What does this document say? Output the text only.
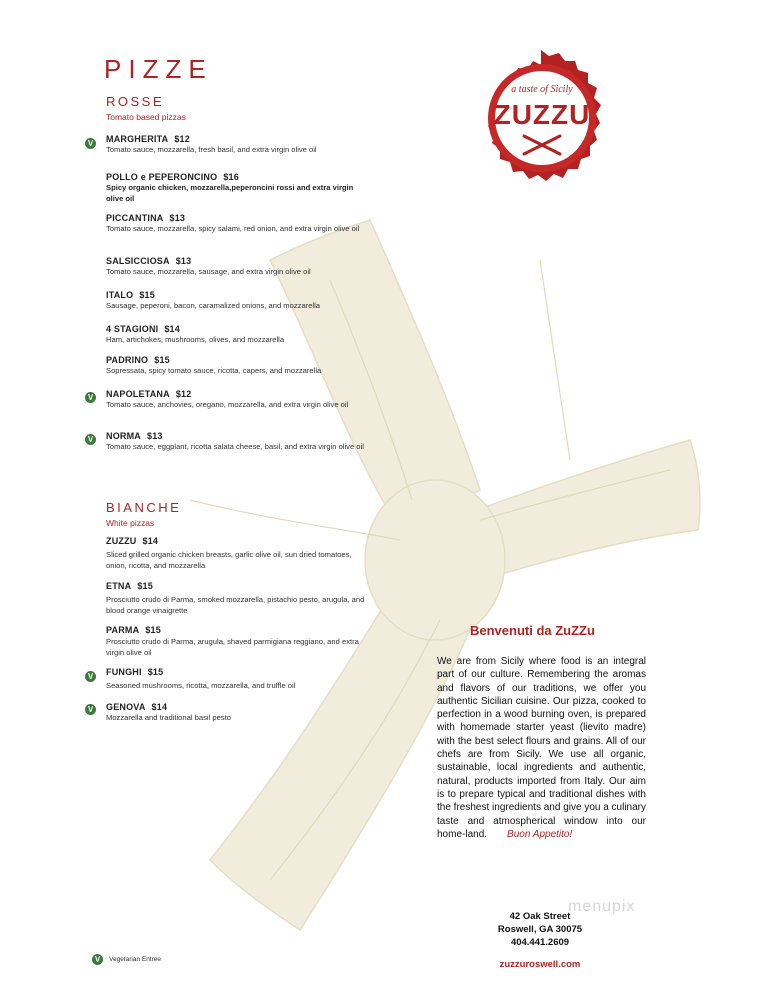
PIZZE
ROSSE
Tomato based pizzas
V	MARGHERITA $12
Tomato sauce, mozzarella, fresh basil, and extra virgin olive oil
POLLO e PEPERONCINO $16
Spicy organic chicken, mozzarella,peperoncini rossi and extra virgin olive oil
PICCANTINA $13
Tomato sauce, mozzarella, spicy salami, red onion, and extra virgin olive oil
SALSICCIOSA $13
Tomato sauce, mozzarella, sausage, and extra virgin olive oil
ITALO $15
Sausage, peperoni, bacon, caramalized onions, and mozzarella
4 STAGIONI $14
Ham, artichokes, mushrooms, olives, and mozzarella
PADRINO $15
Sopressata, spicy tomato sauce, ricotta, capers, and mozzarella
V	NAPOLETANA $12
Tomato sauce, anchovies, oregano, mozzarella, and extra virgin olive oil
V	NORMA $13
Tomato sauce, eggplant, ricotta salata cheese, basil, and extra virgin olive oil
BIANCHE
White pizzas
ZUZZU $14
Sliced grilled organic chicken breasts, garlic olive oil, sun dried tomatoes, onion, ricotta, and mozzarella
ETNA $15
Prosciutto crudo di Parma, smoked mozzarella, pistachio pesto, arugula, and blood orange vinaigrette
PARMA $15
Prosciutto crudo di Parma, arugula, shaved parmigiana reggiano, and extra virgin olive oil
V	FUNGHI $15
Seasoned mushrooms, ricotta, mozzarella, and truffle oil
V	GENOVA $14
Mozzarella and traditional basil pesto
a taste of Sicily
ZUZZU
Benvenuti da ZuZZu
We are from Sicily where food is an integral part of our culture. Remembering the aromas and flavors of our traditions, we offer you authentic Sicilian cuisine. Our pizza, cooked to perfection in a wood burning oven, is prepared with homemade starter yeast (lievito madre) with the best select flours and grains. All of our chefs are from Sicily. We use all organic, sustainable, local ingredients and authentic, natural, products imported from Italy. Our aim is to prepare typical and traditional dishes with the freshest ingredients and give you a culinary taste and atmospherical window into our home-land. Buon Appetito!
menupix
42 Oak Street
Roswell, GA 30075
404.441.2609
zuzzuroswell.com
V Vegetarian Entree
